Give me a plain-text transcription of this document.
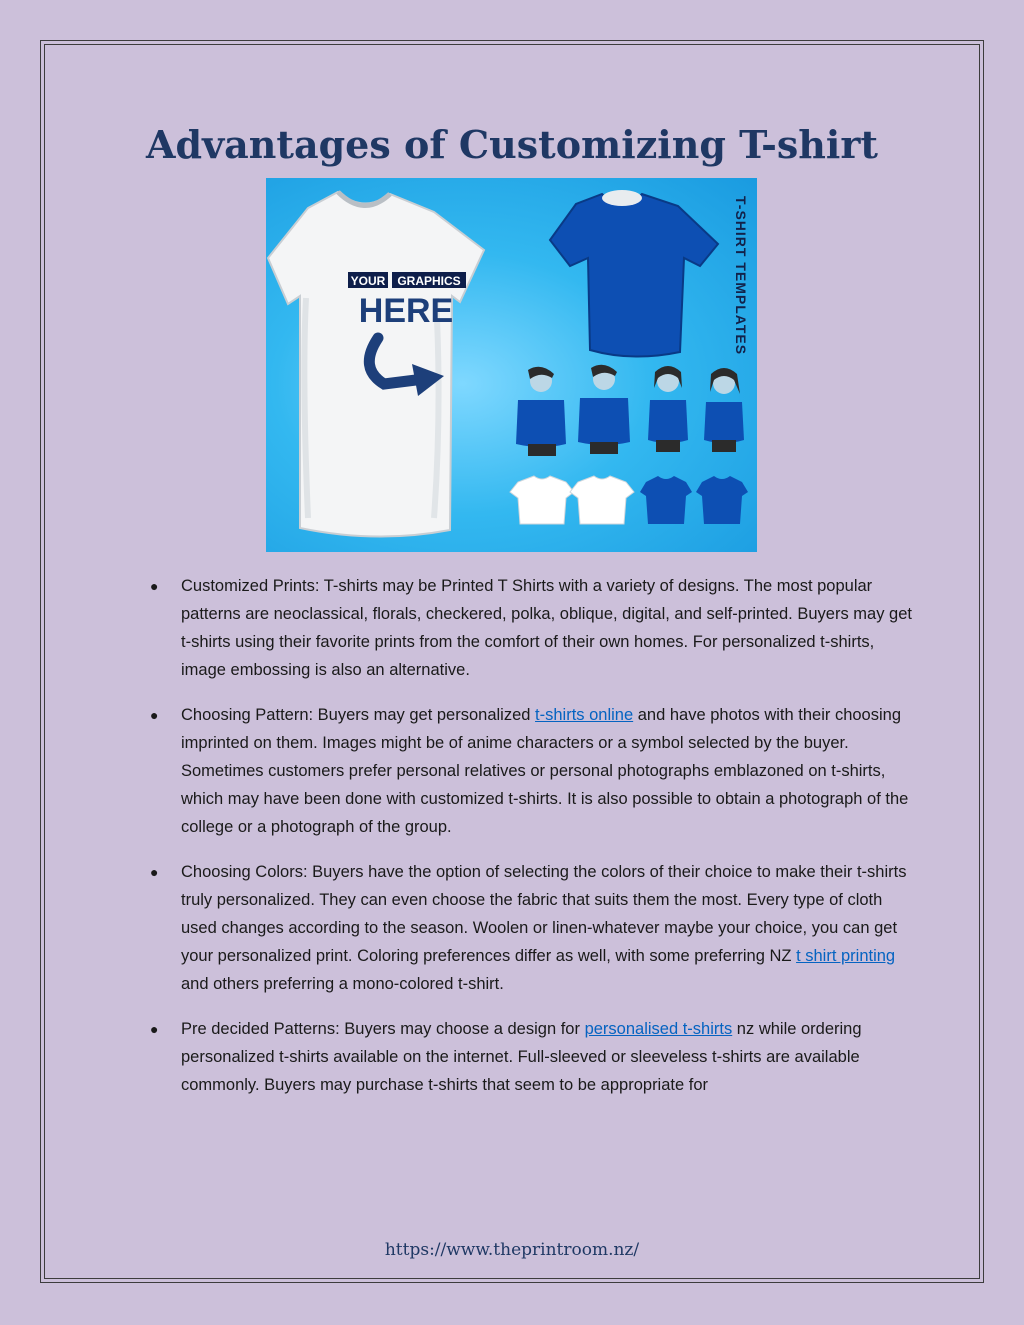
Advantages of Customizing T-shirt
YOUR GRAPHICS
HERE	T-SHIRT TEMPLATES
● Customized Prints: T-shirts may be Printed T Shirts with a variety of designs. The most popular patterns are neoclassical, florals, checkered, polka, oblique, digital, and self-printed. Buyers may get t-shirts using their favorite prints from the comfort of their own homes. For personalized t-shirts, image embossing is also an alternative.
● Choosing Pattern: Buyers may get personalized t-shirts online and have photos with their choosing imprinted on them. Images might be of anime characters or a symbol selected by the buyer. Sometimes customers prefer personal relatives or personal photographs emblazoned on t-shirts, which may have been done with customized t-shirts. It is also possible to obtain a photograph of the college or a photograph of the group.
● Choosing Colors: Buyers have the option of selecting the colors of their choice to make their t-shirts truly personalized. They can even choose the fabric that suits them the most. Every type of cloth used changes according to the season. Woolen or linen-whatever maybe your choice, you can get your personalized print. Coloring preferences differ as well, with some preferring NZ t shirt printing and others preferring a mono-colored t-shirt.
● Pre decided Patterns: Buyers may choose a design for personalised t-shirts nz while ordering personalized t-shirts available on the internet. Full-sleeved or sleeveless t-shirts are available commonly. Buyers may purchase t-shirts that seem to be appropriate for
https://www.theprintroom.nz/
